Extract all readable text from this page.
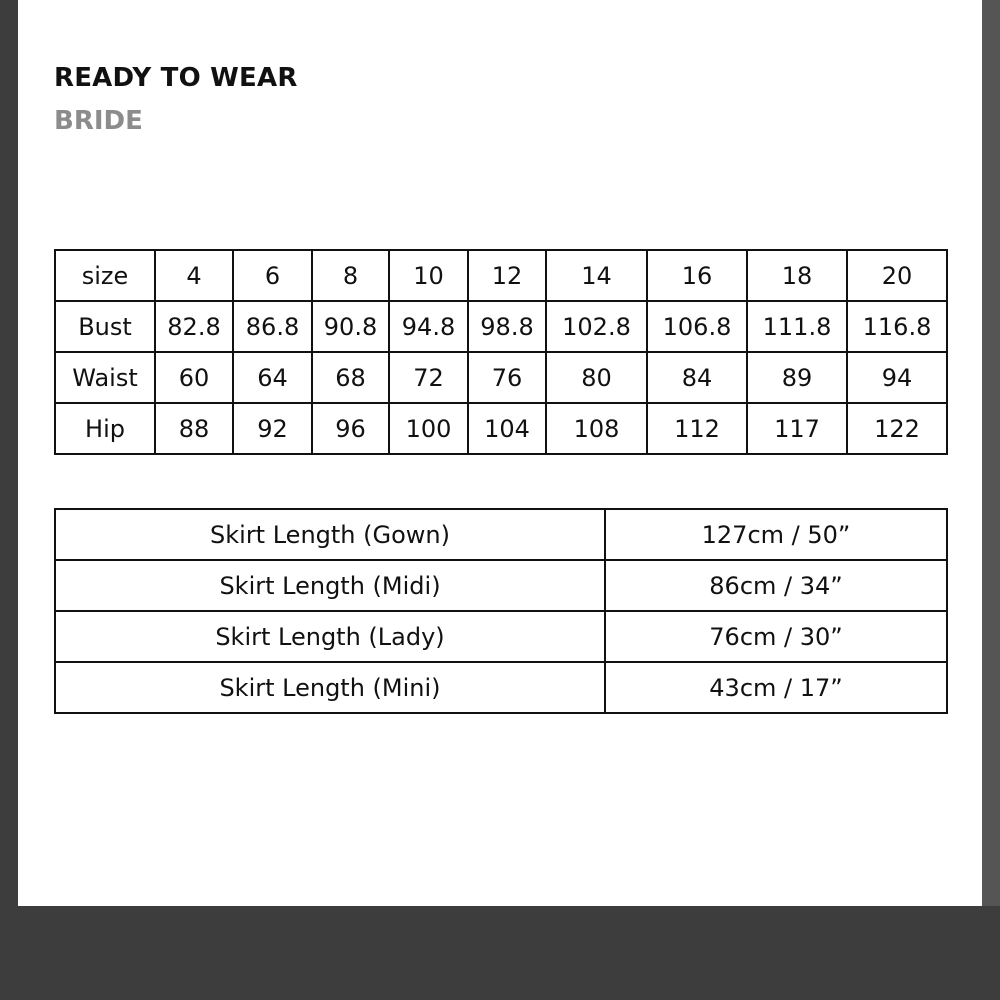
READY TO WEAR
BRIDE
size	4	6	8	10	12	14	16	18	20
Bust	82.8	86.8	90.8	94.8	98.8	102.8	106.8	111.8	116.8
Waist	60	64	68	72	76	80	84	89	94
Hip	88	92	96	100	104	108	112	117	122
Skirt Length (Gown)	127cm / 50”
Skirt Length (Midi)	86cm / 34”
Skirt Length (Lady)	76cm / 30”
Skirt Length (Mini)	43cm / 17”
